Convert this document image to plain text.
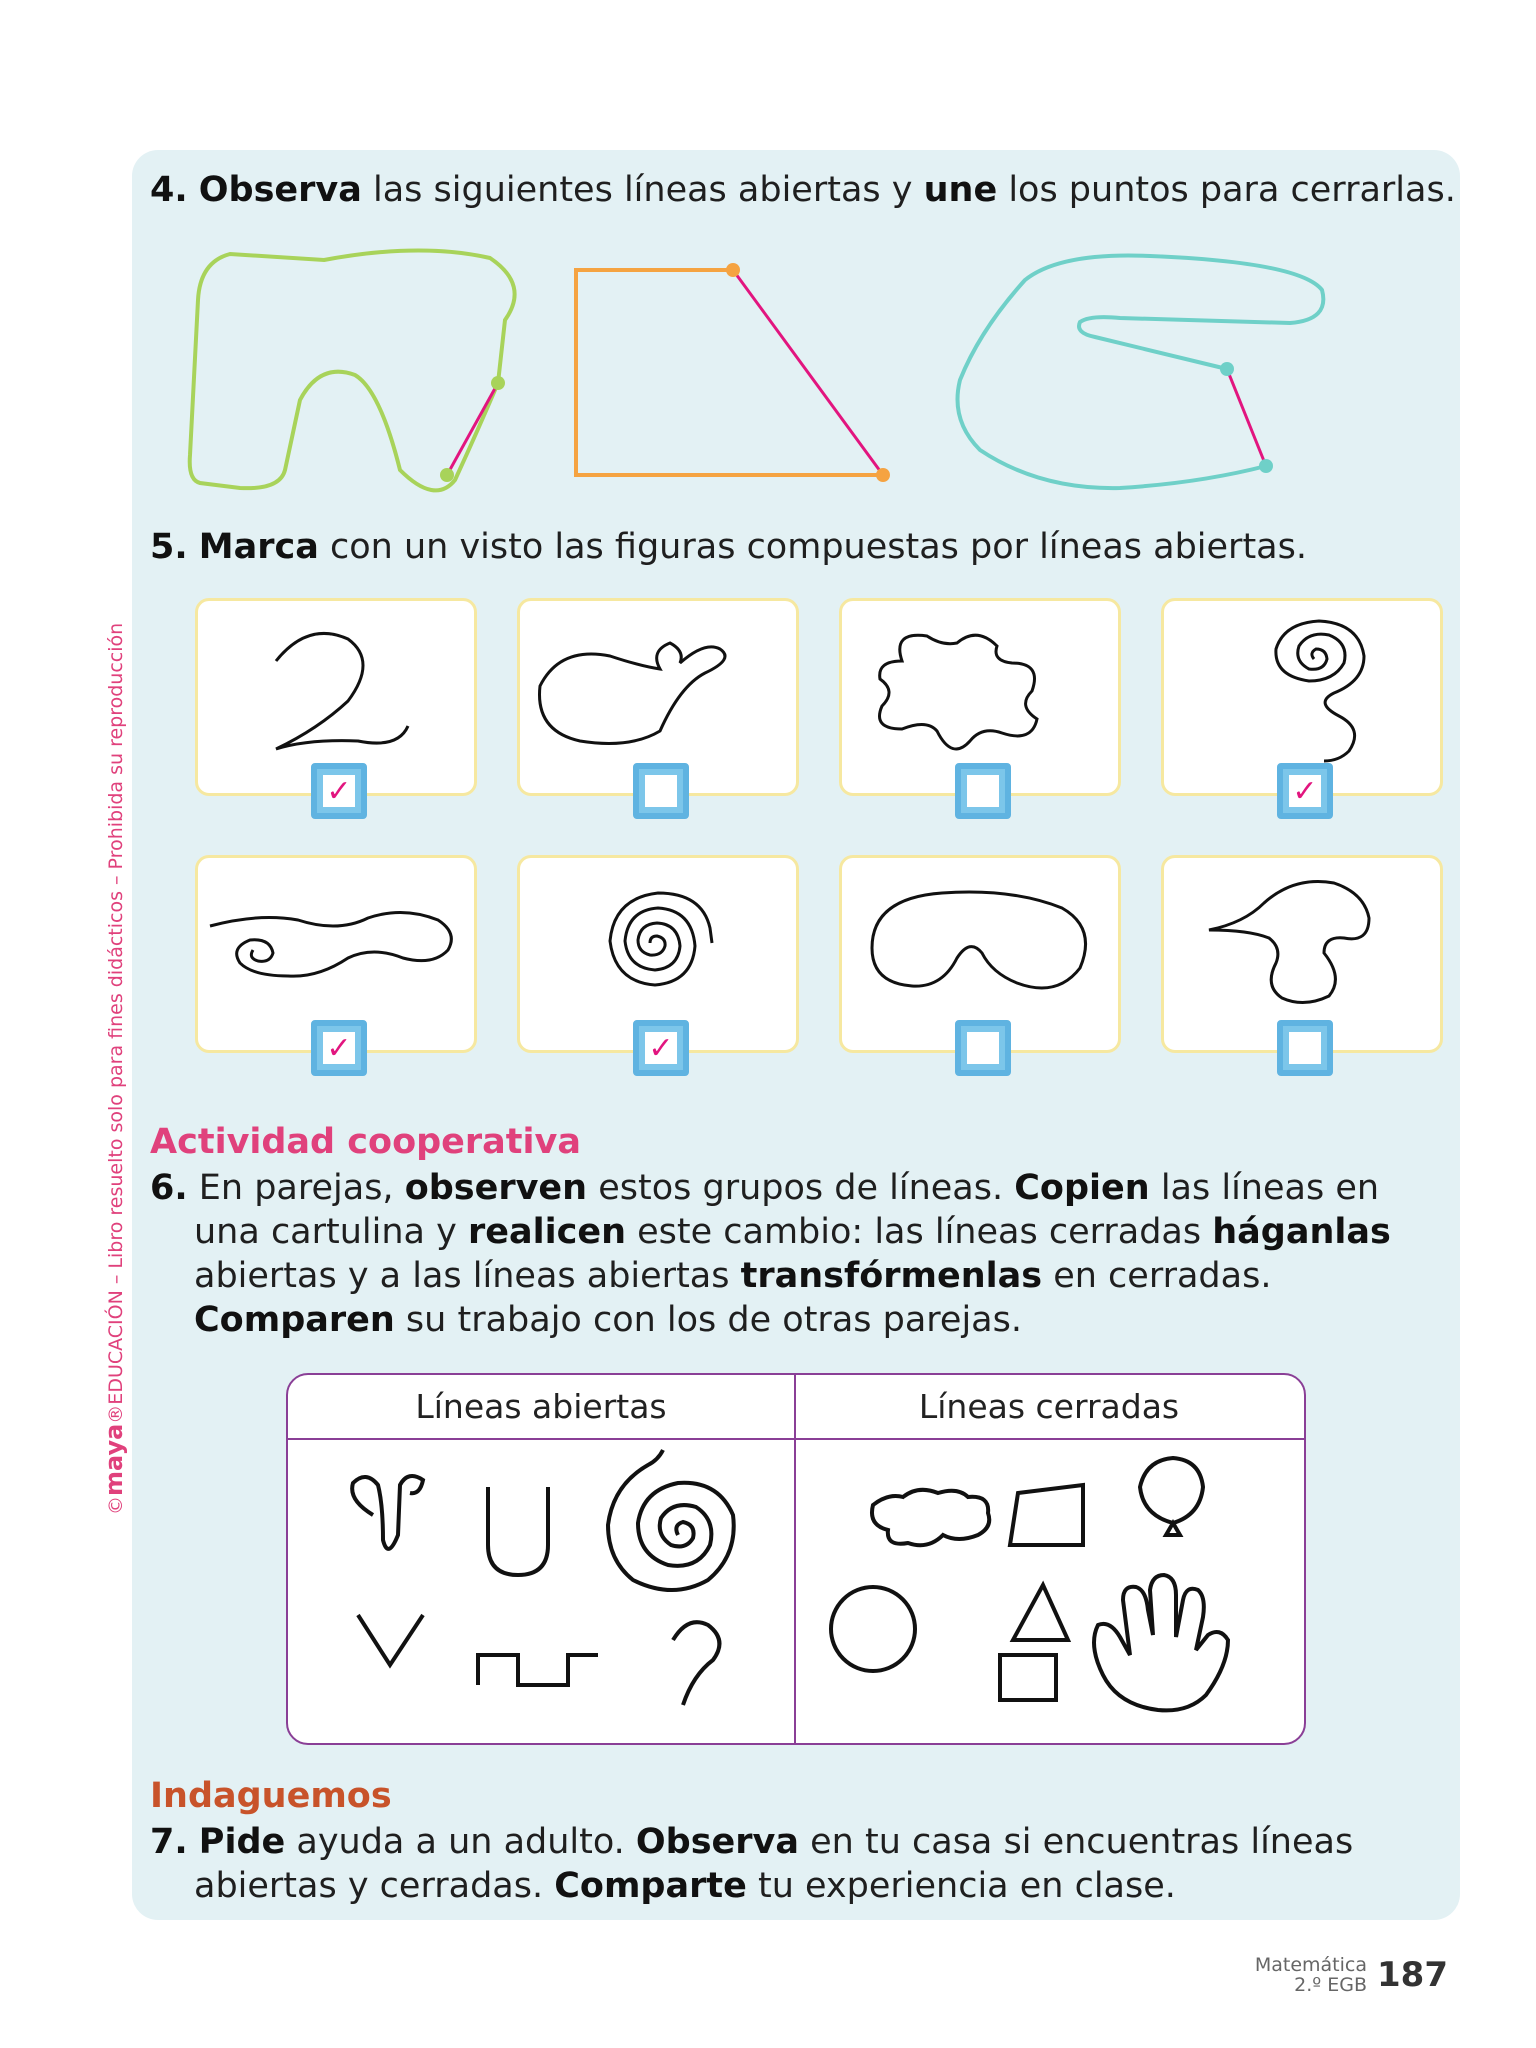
©maya®EDUCACIÓN – Libro resuelto solo para fines didácticos – Prohibida su reproducción
4. Observa las siguientes líneas abiertas y une los puntos para cerrarlas.
5. Marca con un visto las figuras compuestas por líneas abiertas.
✓	✓
✓	✓
Actividad cooperativa
6. En parejas, observen estos grupos de líneas. Copien las líneas en
una cartulina y realicen este cambio: las líneas cerradas háganlas
abiertas y a las líneas abiertas transfórmenlas en cerradas.
Comparen su trabajo con los de otras parejas.
Líneas abiertas	Líneas cerradas
Indaguemos
7. Pide ayuda a un adulto. Observa en tu casa si encuentras líneas
abiertas y cerradas. Comparte tu experiencia en clase.
Matemática
2.º EGB 187
